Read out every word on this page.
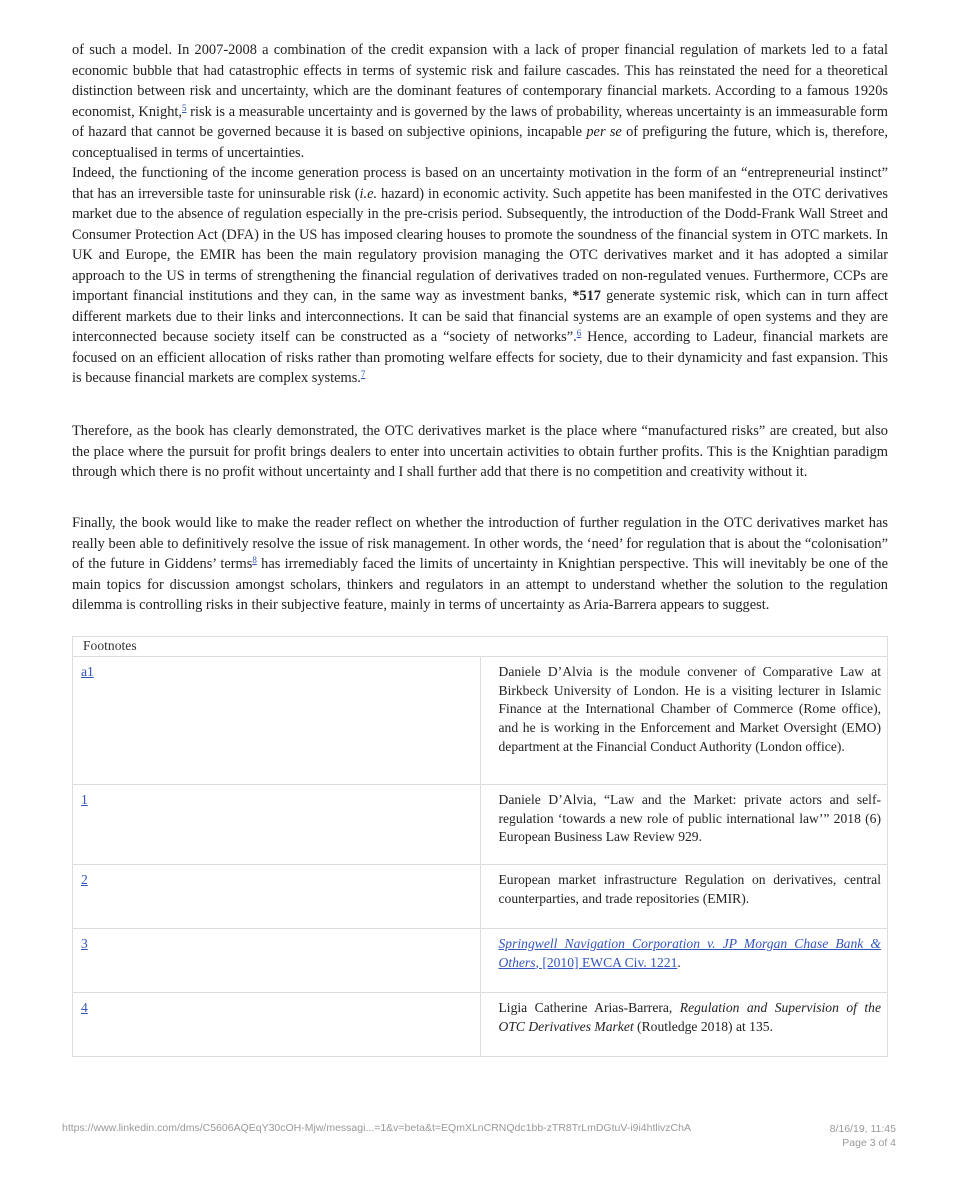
of such a model. In 2007-2008 a combination of the credit expansion with a lack of proper financial regulation of markets led to a fatal economic bubble that had catastrophic effects in terms of systemic risk and failure cascades. This has reinstated the need for a theoretical distinction between risk and uncertainty, which are the dominant features of contemporary financial markets. According to a famous 1920s economist, Knight,$^5$ risk is a measurable uncertainty and is governed by the laws of probability, whereas uncertainty is an immeasurable form of hazard that cannot be governed because it is based on subjective opinions, incapable per se of prefiguring the future, which is, therefore, conceptualised in terms of uncertainties.

Indeed, the functioning of the income generation process is based on an uncertainty motivation in the form of an “entrepreneurial instinct” that has an irreversible taste for uninsurable risk (i.e. hazard) in economic activity. Such appetite has been manifested in the OTC derivatives market due to the absence of regulation especially in the pre-crisis period. Subsequently, the introduction of the Dodd-Frank Wall Street and Consumer Protection Act (DFA) in the US has imposed clearing houses to promote the soundness of the financial system in OTC markets. In UK and Europe, the EMIR has been the main regulatory provision managing the OTC derivatives market and it has adopted a similar approach to the US in terms of strengthening the financial regulation of derivatives traded on non-regulated venues. Furthermore, CCPs are important financial institutions and they can, in the same way as investment banks, *517 generate systemic risk, which can in turn affect different markets due to their links and interconnections. It can be said that financial systems are an example of open systems and they are interconnected because society itself can be constructed as a “society of networks”.$^6$ Hence, according to Ladeur, financial markets are focused on an efficient allocation of risks rather than promoting welfare effects for society, due to their dynamicity and fast expansion. This is because financial markets are complex systems.$^7$

Therefore, as the book has clearly demonstrated, the OTC derivatives market is the place where “manufactured risks” are created, but also the place where the pursuit for profit brings dealers to enter into uncertain activities to obtain further profits. This is the Knightian paradigm through which there is no profit without uncertainty and I shall further add that there is no competition and creativity without it.

Finally, the book would like to make the reader reflect on whether the introduction of further regulation in the OTC derivatives market has really been able to definitively resolve the issue of risk management. In other words, the ‘need’ for regulation that is about the “colonisation” of the future in Giddens’ terms$^8$ has irremediably faced the limits of uncertainty in Knightian perspective. This will inevitably be one of the main topics for discussion amongst scholars, thinkers and regulators in an attempt to understand whether the solution to the regulation dilemma is controlling risks in their subjective feature, mainly in terms of uncertainty as Aria-Barrera appears to suggest.

Footnotes	
a1	Daniele D’Alvia is the module convener of Comparative Law at Birkbeck University of London. He is a visiting lecturer in Islamic Finance at the International Chamber of Commerce (Rome office), and he is working in the Enforcement and Market Oversight (EMO) department at the Financial Conduct Authority (London office).
1	Daniele D’Alvia, “Law and the Market: private actors and self-regulation ‘towards a new role of public international law’” 2018 (6) European Business Law Review 929.
2	European market infrastructure Regulation on derivatives, central counterparties, and trade repositories (EMIR).
3	Springwell Navigation Corporation v. JP Morgan Chase Bank & Others, [2010] EWCA Civ. 1221.
4	Ligia Catherine Arias-Barrera, Regulation and Supervision of the OTC Derivatives Market (Routledge 2018) at 135.
https://www.linkedin.com/dms/C5606AQEqY30cOH-Mjw/messagi...=1&v=beta&t=EQmXLnCRNQdc1bb-zTR8TrLmDGtuV-i9i4htlivzChA	8/16/19, 11:45
Page 3 of 4
